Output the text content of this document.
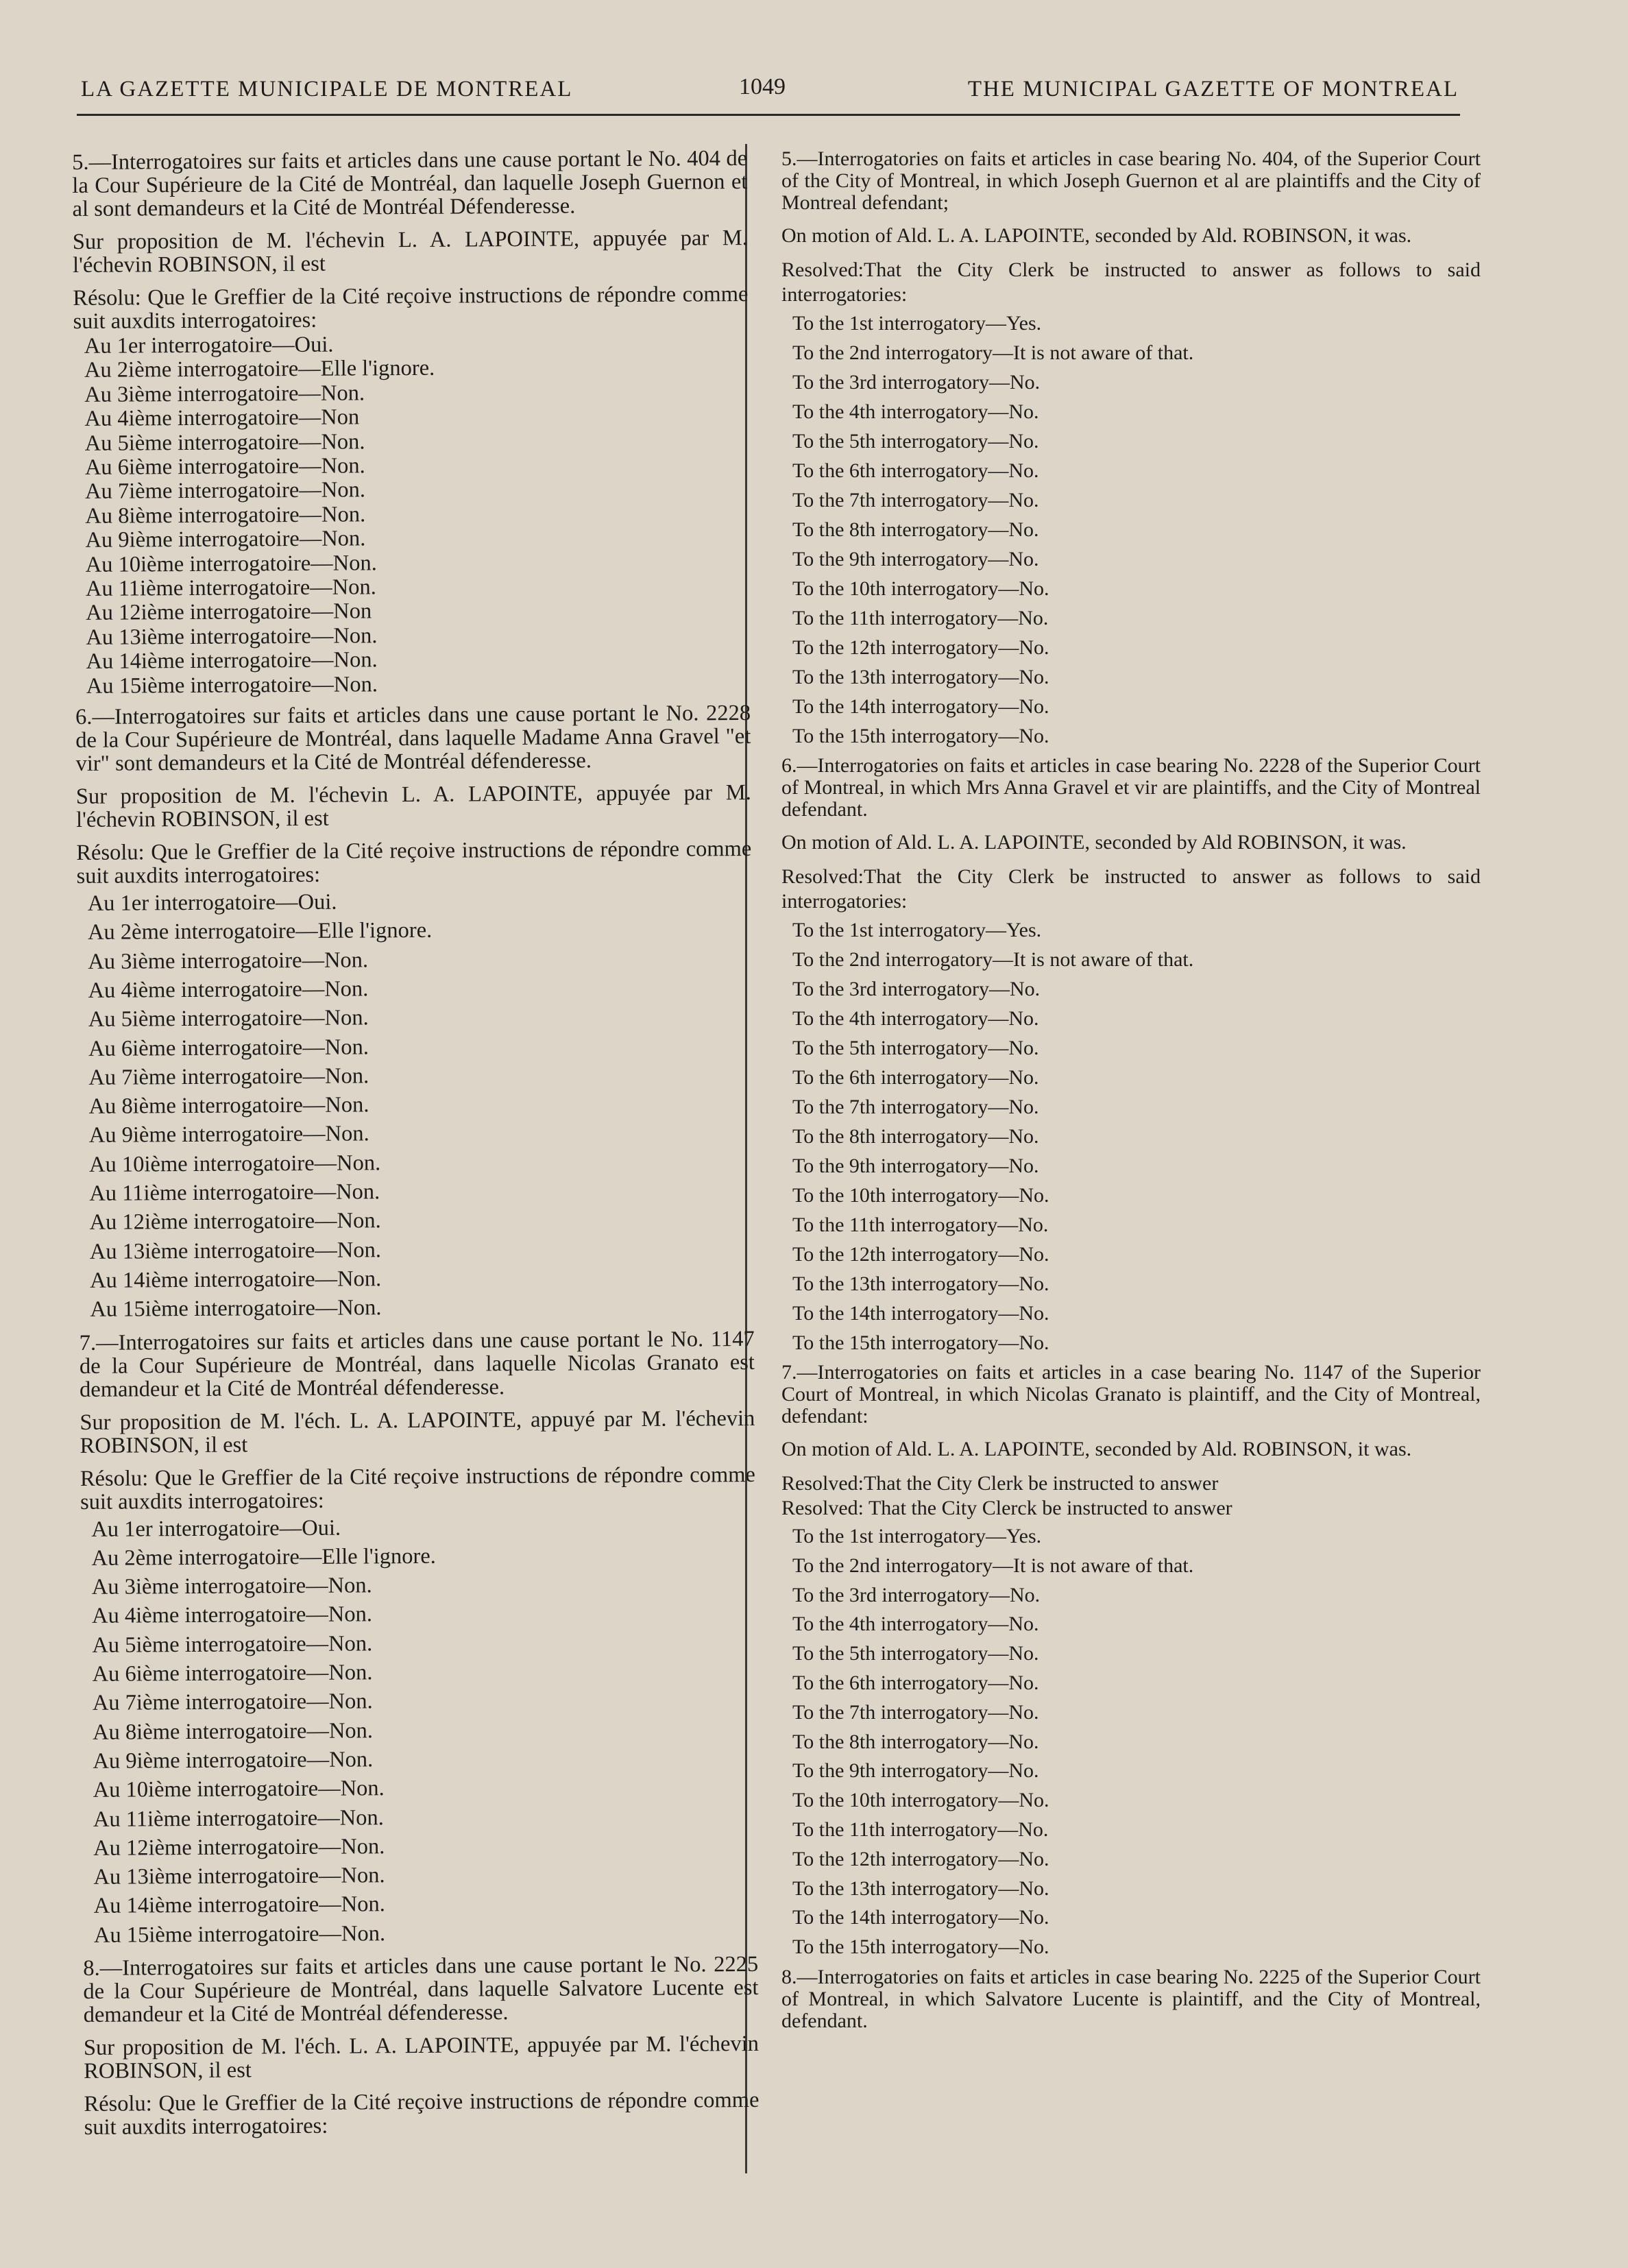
LA GAZETTE MUNICIPALE DE MONTREAL	1049	THE MUNICIPAL GAZETTE OF MONTREAL

5.—Interrogatoires sur faits et articles dans une cause portant le No. 404 de la Cour Supérieure de la Cité de Montréal, dan laquelle Joseph Guernon et al sont demandeurs et la Cité de Montréal Défenderesse.

Sur proposition de M. l'échevin L. A. LAPOINTE, appuyée par M. l'échevin ROBINSON, il est

Résolu: Que le Greffier de la Cité reçoive instructions de répondre comme suit auxdits interrogatoires:

Au 1er interrogatoire—Oui.
Au 2ième interrogatoire—Elle l'ignore.
Au 3ième interrogatoire—Non.
Au 4ième interrogatoire—Non
Au 5ième interrogatoire—Non.
Au 6ième interrogatoire—Non.
Au 7ième interrogatoire—Non.
Au 8ième interrogatoire—Non.
Au 9ième interrogatoire—Non.
Au 10ième interrogatoire—Non.
Au 11ième interrogatoire—Non.
Au 12ième interrogatoire—Non
Au 13ième interrogatoire—Non.
Au 14ième interrogatoire—Non.
Au 15ième interrogatoire—Non.

6.—Interrogatoires sur faits et articles dans une cause portant le No. 2228 de la Cour Supérieure de Montréal, dans laquelle Madame Anna Gravel "et vir" sont demandeurs et la Cité de Montréal défenderesse.

Sur proposition de M. l'échevin L. A. LAPOINTE, appuyée par M. l'échevin ROBINSON, il est

Résolu: Que le Greffier de la Cité reçoive instructions de répondre comme suit auxdits interrogatoires:

Au 1er interrogatoire—Oui.
Au 2ème interrogatoire—Elle l'ignore.
Au 3ième interrogatoire—Non.
Au 4ième interrogatoire—Non.
Au 5ième interrogatoire—Non.
Au 6ième interrogatoire—Non.
Au 7ième interrogatoire—Non.
Au 8ième interrogatoire—Non.
Au 9ième interrogatoire—Non.
Au 10ième interrogatoire—Non.
Au 11ième interrogatoire—Non.
Au 12ième interrogatoire—Non.
Au 13ième interrogatoire—Non.
Au 14ième interrogatoire—Non.
Au 15ième interrogatoire—Non.

7.—Interrogatoires sur faits et articles dans une cause portant le No. 1147 de la Cour Supérieure de Montréal, dans laquelle Nicolas Granato est demandeur et la Cité de Montréal défenderesse.

Sur proposition de M. l'éch. L. A. LAPOINTE, appuyé par M. l'échevin ROBINSON, il est

Résolu: Que le Greffier de la Cité reçoive instructions de répondre comme suit auxdits interrogatoires:

Au 1er interrogatoire—Oui.
Au 2ème interrogatoire—Elle l'ignore.
Au 3ième interrogatoire—Non.
Au 4ième interrogatoire—Non.
Au 5ième interrogatoire—Non.
Au 6ième interrogatoire—Non.
Au 7ième interrogatoire—Non.
Au 8ième interrogatoire—Non.
Au 9ième interrogatoire—Non.
Au 10ième interrogatoire—Non.
Au 11ième interrogatoire—Non.
Au 12ième interrogatoire—Non.
Au 13ième interrogatoire—Non.
Au 14ième interrogatoire—Non.
Au 15ième interrogatoire—Non.

8.—Interrogatoires sur faits et articles dans une cause portant le No. 2225 de la Cour Supérieure de Montréal, dans laquelle Salvatore Lucente est demandeur et la Cité de Montréal défenderesse.

Sur proposition de M. l'éch. L. A. LAPOINTE, appuyée par M. l'échevin ROBINSON, il est

Résolu: Que le Greffier de la Cité reçoive instructions de répondre comme suit auxdits interrogatoires:

5.—Interrogatories on faits et articles in case bearing No. 404, of the Superior Court of the City of Montreal, in which Joseph Guernon et al are plaintiffs and the City of Montreal defendant;

On motion of Ald. L. A. LAPOINTE, seconded by Ald. ROBINSON, it was.

Resolved:That the City Clerk be instructed to answer as follows to said interrogatories:

To the 1st interrogatory—Yes.
To the 2nd interrogatory—It is not aware of that.
To the 3rd interrogatory—No.
To the 4th interrogatory—No.
To the 5th interrogatory—No.
To the 6th interrogatory—No.
To the 7th interrogatory—No.
To the 8th interrogatory—No.
To the 9th interrogatory—No.
To the 10th interrogatory—No.
To the 11th interrogatory—No.
To the 12th interrogatory—No.
To the 13th interrogatory—No.
To the 14th interrogatory—No.
To the 15th interrogatory—No.

6.—Interrogatories on faits et articles in case bearing No. 2228 of the Superior Court of Montreal, in which Mrs Anna Gravel et vir are plaintiffs, and the City of Montreal defendant.

On motion of Ald. L. A. LAPOINTE, seconded by Ald ROBINSON, it was.

Resolved:That the City Clerk be instructed to answer as follows to said interrogatories:

To the 1st interrogatory—Yes.
To the 2nd interrogatory—It is not aware of that.
To the 3rd interrogatory—No.
To the 4th interrogatory—No.
To the 5th interrogatory—No.
To the 6th interrogatory—No.
To the 7th interrogatory—No.
To the 8th interrogatory—No.
To the 9th interrogatory—No.
To the 10th interrogatory—No.
To the 11th interrogatory—No.
To the 12th interrogatory—No.
To the 13th interrogatory—No.
To the 14th interrogatory—No.
To the 15th interrogatory—No.

7.—Interrogatories on faits et articles in a case bearing No. 1147 of the Superior Court of Montreal, in which Nicolas Granato is plaintiff, and the City of Montreal, defendant:

On motion of Ald. L. A. LAPOINTE, seconded by Ald. ROBINSON, it was.

Resolved:That the City Clerk be instructed to answer
Resolved: That the City Clerck be instructed to answer

To the 1st interrogatory—Yes.
To the 2nd interrogatory—It is not aware of that.
To the 3rd interrogatory—No.
To the 4th interrogatory—No.
To the 5th interrogatory—No.
To the 6th interrogatory—No.
To the 7th interrogatory—No.
To the 8th interrogatory—No.
To the 9th interrogatory—No.
To the 10th interrogatory—No.
To the 11th interrogatory—No.
To the 12th interrogatory—No.
To the 13th interrogatory—No.
To the 14th interrogatory—No.
To the 15th interrogatory—No.

8.—Interrogatories on faits et articles in case bearing No. 2225 of the Superior Court of Montreal, in which Salvatore Lucente is plaintiff, and the City of Montreal, defendant.
